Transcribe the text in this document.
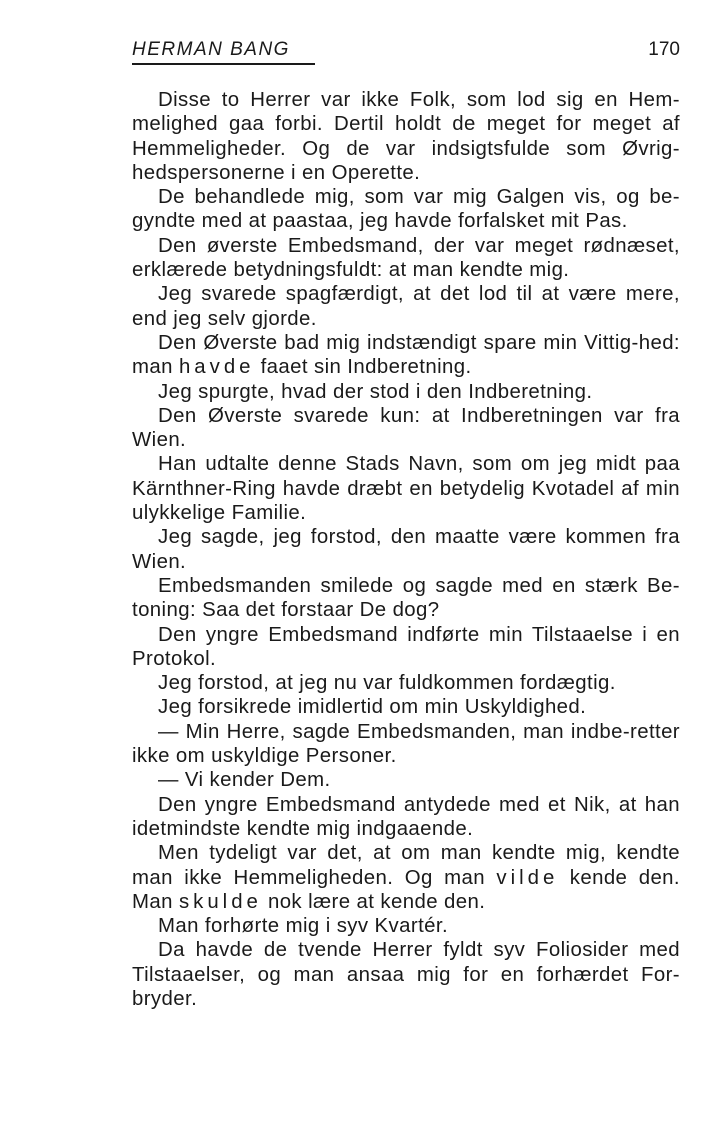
HERMAN BANG	170

Disse to Herrer var ikke Folk, som lod sig en Hem-melighed gaa forbi. Dertil holdt de meget for meget af Hemmeligheder. Og de var indsigtsfulde som Øvrig-hedspersonerne i en Operette.

De behandlede mig, som var mig Galgen vis, og be-gyndte med at paastaa, jeg havde forfalsket mit Pas.

Den øverste Embedsmand, der var meget rødnæset, erklærede betydningsfuldt: at man kendte mig.

Jeg svarede spagfærdigt, at det lod til at være mere, end jeg selv gjorde.

Den Øverste bad mig indstændigt spare min Vittig-hed: man havde faaet sin Indberetning.

Jeg spurgte, hvad der stod i den Indberetning.

Den Øverste svarede kun: at Indberetningen var fra Wien.

Han udtalte denne Stads Navn, som om jeg midt paa Kärnthner-Ring havde dræbt en betydelig Kvotadel af min ulykkelige Familie.

Jeg sagde, jeg forstod, den maatte være kommen fra Wien.

Embedsmanden smilede og sagde med en stærk Be-toning: Saa det forstaar De dog?

Den yngre Embedsmand indførte min Tilstaaelse i en Protokol.

Jeg forstod, at jeg nu var fuldkommen fordægtig.

Jeg forsikrede imidlertid om min Uskyldighed.

— Min Herre, sagde Embedsmanden, man indbe-retter ikke om uskyldige Personer.

— Vi kender Dem.

Den yngre Embedsmand antydede med et Nik, at han idetmindste kendte mig indgaaende.

Men tydeligt var det, at om man kendte mig, kendte man ikke Hemmeligheden. Og man vilde kende den. Man skulde nok lære at kende den.

Man forhørte mig i syv Kvartér.

Da havde de tvende Herrer fyldt syv Foliosider med Tilstaaelser, og man ansaa mig for en forhærdet For-bryder.
